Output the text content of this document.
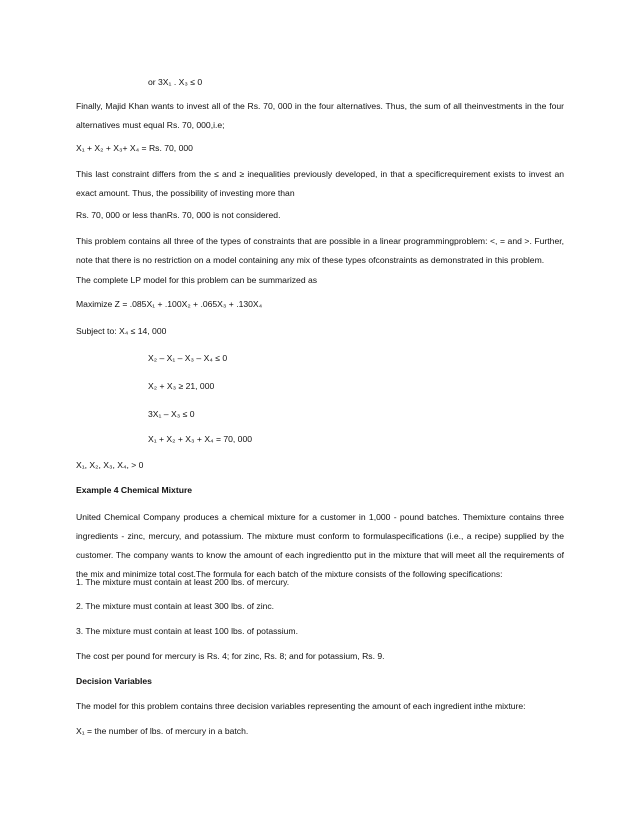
or 3X₁ . X₃ ≤ 0
Finally, Majid Khan wants to invest all of the Rs. 70, 000 in the four alternatives. Thus, the sum of all theinvestments in the four alternatives must equal Rs. 70, 000,i.e;
X₁ + X₂ + X₃+ X₄ = Rs. 70, 000
This last constraint differs from the ≤ and ≥ inequalities previously developed, in that a specificrequirement exists to invest an exact amount. Thus, the possibility of investing more than
Rs. 70, 000 or less thanRs. 70, 000 is not considered.
This problem contains all three of the types of constraints that are possible in a linear programmingproblem: <, = and >. Further, note that there is no restriction on a model containing any mix of these types ofconstraints as demonstrated in this problem.
The complete LP model for this problem can be summarized as
Maximize Z = .085X₁ + .100X₂ + .065X₃ + .130X₄
Subject to: X₄ ≤ 14, 000
X₂ – X₁ – X₃ – X₄ ≤ 0
X₂ + X₃ ≥ 21, 000
3X₁ – X₃ ≤ 0
X₁ + X₂ + X₃ + X₄ = 70, 000
X₁, X₂, X₃, X₄, > 0
Example 4 Chemical Mixture
United Chemical Company produces a chemical mixture for a customer in 1,000 - pound batches. Themixture contains three ingredients - zinc, mercury, and potassium. The mixture must conform to formulaspecifications (i.e., a recipe) supplied by the customer. The company wants to know the amount of each ingredientto put in the mixture that will meet all the requirements of the mix and minimize total cost.The formula for each batch of the mixture consists of the following specifications:
1. The mixture must contain at least 200 lbs. of mercury.
2. The mixture must contain at least 300 lbs. of zinc.
3. The mixture must contain at least 100 lbs. of potassium.
The cost per pound for mercury is Rs. 4; for zinc, Rs. 8; and for potassium, Rs. 9.
Decision Variables
The model for this problem contains three decision variables representing the amount of each ingredient inthe mixture:
X₁ = the number of lbs. of mercury in a batch.
